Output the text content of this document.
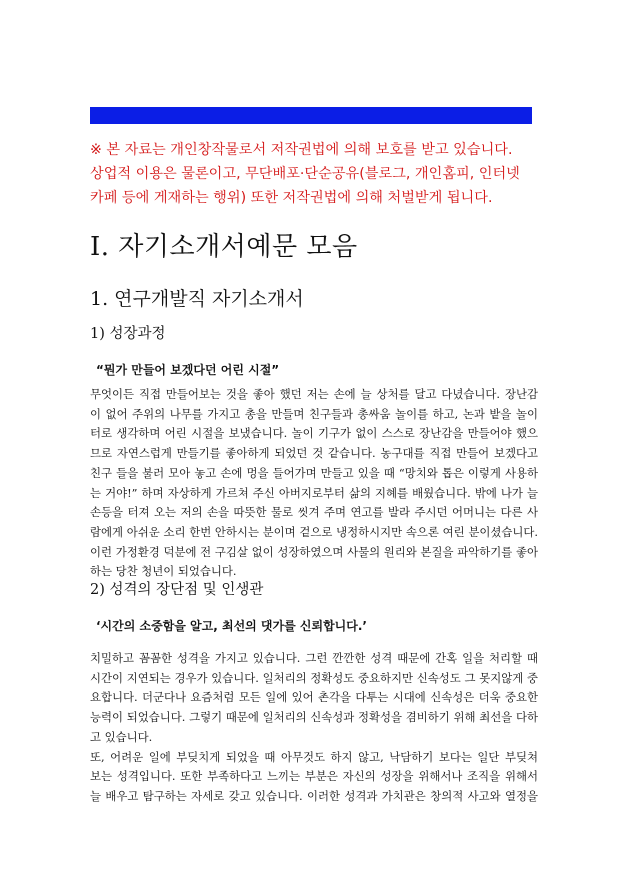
※ 본 자료는 개인창작물로서 저작권법에 의해 보호를 받고 있습니다.
상업적 이용은 물론이고, 무단배포·단순공유(블로그, 개인홈피, 인터넷
카페 등에 게재하는 행위) 또한 저작권법에 의해 처벌받게 됩니다.
Ⅰ. 자기소개서예문 모음
1. 연구개발직 자기소개서
1) 성장과정
“뭔가 만들어 보겠다던 어린 시절”
무엇이든 직접 만들어보는 것을 좋아 했던 저는 손에 늘 상처를 달고 다녔습니다. 장난감
이 없어 주위의 나무를 가지고 총을 만들며 친구들과 총싸움 놀이를 하고, 논과 밭을 놀이
터로 생각하며 어린 시절을 보냈습니다. 놀이 기구가 없이 스스로 장난감을 만들어야 했으
므로 자연스럽게 만들기를 좋아하게 되었던 것 같습니다. 농구대를 직접 만들어 보겠다고
친구 들을 불러 모아 놓고 손에 멍을 들어가며 만들고 있을 때 “망치와 톱은 이렇게 사용하
는 거야!” 하며 자상하게 가르쳐 주신 아버지로부터 삶의 지혜를 배웠습니다. 밖에 나가 늘
손등을 터져 오는 저의 손을 따뜻한 물로 씻겨 주며 연고를 발라 주시던 어머니는 다른 사
람에게 아쉬운 소리 한번 안하시는 분이며 겉으로 냉정하시지만 속으론 여린 분이셨습니다.
이런 가정환경 덕분에 전 구김살 없이 성장하였으며 사물의 원리와 본질을 파악하기를 좋아
하는 당찬 청년이 되었습니다.
2) 성격의 장단점 및 인생관
‘시간의 소중함을 알고, 최선의 댓가를 신뢰합니다.’
치밀하고 꼼꼼한 성격을 가지고 있습니다. 그런 깐깐한 성격 때문에 간혹 일을 처리할 때
시간이 지연되는 경우가 있습니다. 일처리의 정확성도 중요하지만 신속성도 그 못지않게 중
요합니다. 더군다나 요즘처럼 모든 일에 있어 촌각을 다투는 시대에 신속성은 더욱 중요한
능력이 되었습니다. 그렇기 때문에 일처리의 신속성과 정확성을 겸비하기 위해 최선을 다하
고 있습니다.
또, 어려운 일에 부딪치게 되었을 때 아무것도 하지 않고, 낙담하기 보다는 일단 부딪쳐
보는 성격입니다. 또한 부족하다고 느끼는 부분은 자신의 성장을 위해서나 조직을 위해서
늘 배우고 탐구하는 자세로 갖고 있습니다. 이러한 성격과 가치관은 창의적 사고와 열정을
